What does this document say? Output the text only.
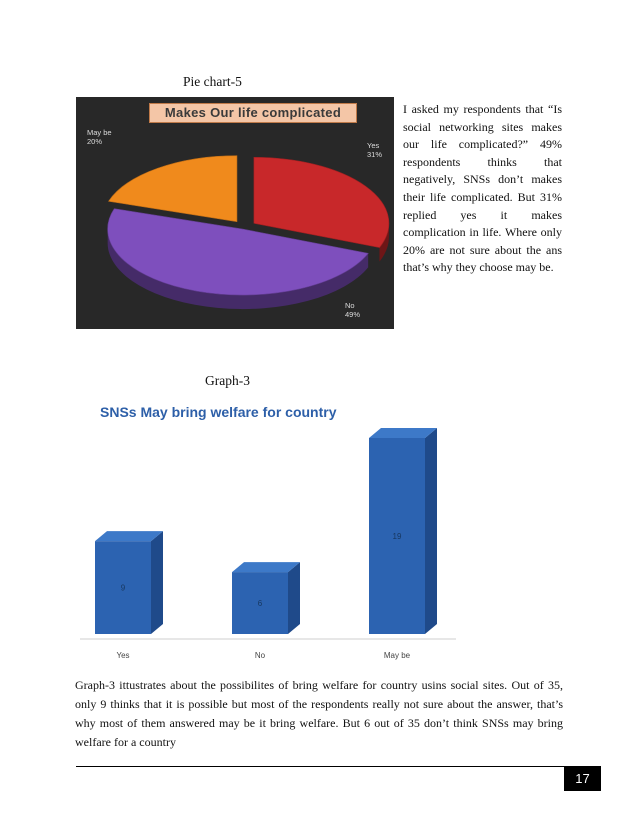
Pie chart-5
Makes Our life complicated
May be
20%	Yes
31%
No
49%
I asked my respondents that “Is social networking sites makes our life complicated?” 49% respondents thinks that negatively, SNSs don’t makes their life complicated. But 31% replied yes it makes complication in life. Where only 20% are not sure about the ans that’s why they choose may be.
Graph-3
SNSs May bring welfare for country
9
Yes
6
No
19
May be
Graph-3 ittustrates about the possibilites of bring welfare for country usins social sites. Out of 35, only 9 thinks that it is possible but most of the respondents really not sure about the answer, that’s why most of them answered may be it bring welfare. But 6 out of 35 don’t think SNSs may bring welfare for a country
17
